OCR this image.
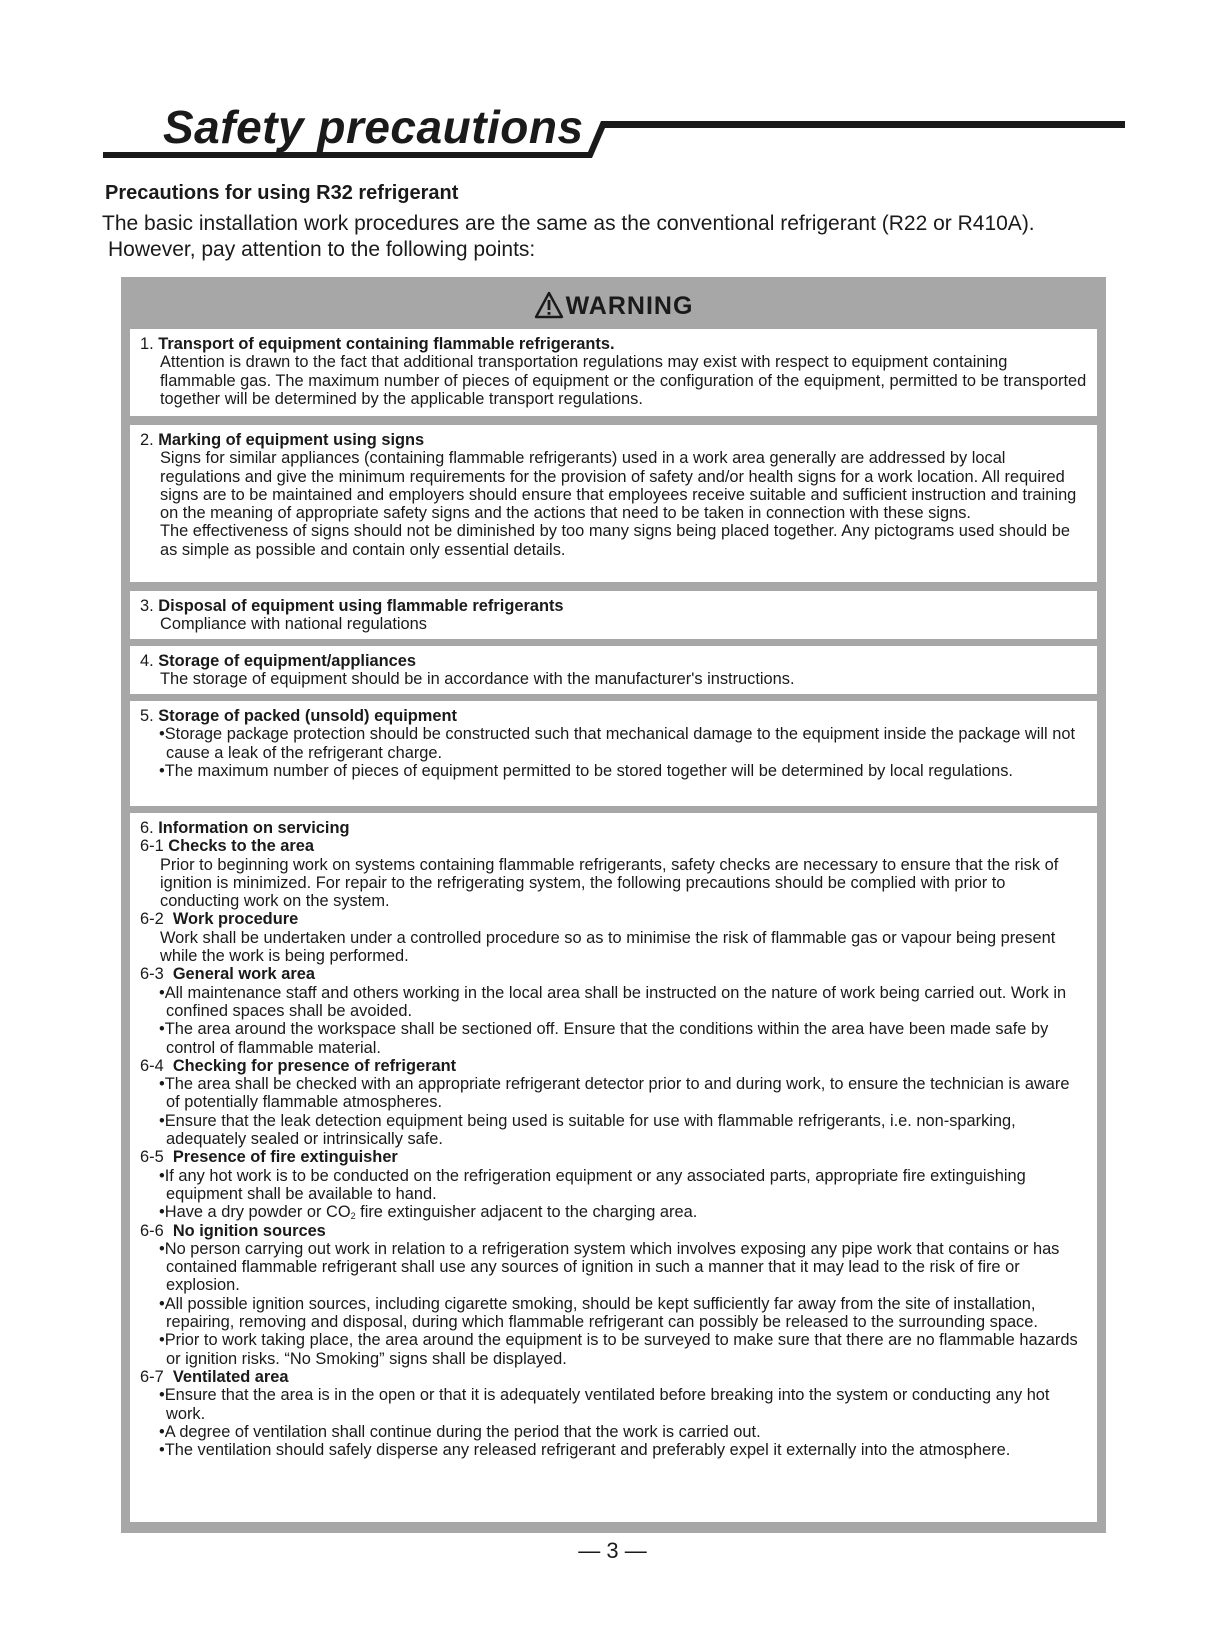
Safety precautions
Precautions for using R32 refrigerant
The basic installation work procedures are the same as the conventional refrigerant (R22 or R410A).
However, pay attention to the following points:
WARNING
1. Transport of equipment containing flammable refrigerants.

Attention is drawn to the fact that additional transportation regulations may exist with respect to equipment containing flammable gas. The maximum number of pieces of equipment or the configuration of the equipment, permitted to be transported together will be determined by the applicable transport regulations.

2. Marking of equipment using signs

Signs for similar appliances (containing flammable refrigerants) used in a work area generally are addressed by local regulations and give the minimum requirements for the provision of safety and/or health signs for a work location. All required signs are to be maintained and employers should ensure that employees receive suitable and sufficient instruction and training on the meaning of appropriate safety signs and the actions that need to be taken in connection with these signs.

The effectiveness of signs should not be diminished by too many signs being placed together. Any pictograms used should be as simple as possible and contain only essential details.

3. Disposal of equipment using flammable refrigerants

Compliance with national regulations

4. Storage of equipment/appliances

The storage of equipment should be in accordance with the manufacturer's instructions.

5. Storage of packed (unsold) equipment

•Storage package protection should be constructed such that mechanical damage to the equipment inside the package will not cause a leak of the refrigerant charge.

•The maximum number of pieces of equipment permitted to be stored together will be determined by local regulations.

6. Information on servicing
6-1 Checks to the area

Prior to beginning work on systems containing flammable refrigerants, safety checks are necessary to ensure that the risk of ignition is minimized. For repair to the refrigerating system, the following precautions should be complied with prior to conducting work on the system.

6-2 Work procedure

Work shall be undertaken under a controlled procedure so as to minimise the risk of flammable gas or vapour being present while the work is being performed.

6-3 General work area

•All maintenance staff and others working in the local area shall be instructed on the nature of work being carried out. Work in confined spaces shall be avoided.

•The area around the workspace shall be sectioned off. Ensure that the conditions within the area have been made safe by control of flammable material.

6-4 Checking for presence of refrigerant

•The area shall be checked with an appropriate refrigerant detector prior to and during work, to ensure the technician is aware of potentially flammable atmospheres.

•Ensure that the leak detection equipment being used is suitable for use with flammable refrigerants, i.e. non-sparking, adequately sealed or intrinsically safe.

6-5 Presence of fire extinguisher

•If any hot work is to be conducted on the refrigeration equipment or any associated parts, appropriate fire extinguishing equipment shall be available to hand.

•Have a dry powder or $CO_2$ fire extinguisher adjacent to the charging area.

6-6 No ignition sources

•No person carrying out work in relation to a refrigeration system which involves exposing any pipe work that contains or has contained flammable refrigerant shall use any sources of ignition in such a manner that it may lead to the risk of fire or explosion.

•All possible ignition sources, including cigarette smoking, should be kept sufficiently far away from the site of installation, repairing, removing and disposal, during which flammable refrigerant can possibly be released to the surrounding space.

•Prior to work taking place, the area around the equipment is to be surveyed to make sure that there are no flammable hazards or ignition risks. “No Smoking” signs shall be displayed.

6-7 Ventilated area

•Ensure that the area is in the open or that it is adequately ventilated before breaking into the system or conducting any hot work.

•A degree of ventilation shall continue during the period that the work is carried out.

•The ventilation should safely disperse any released refrigerant and preferably expel it externally into the atmosphere.

— 3 —
